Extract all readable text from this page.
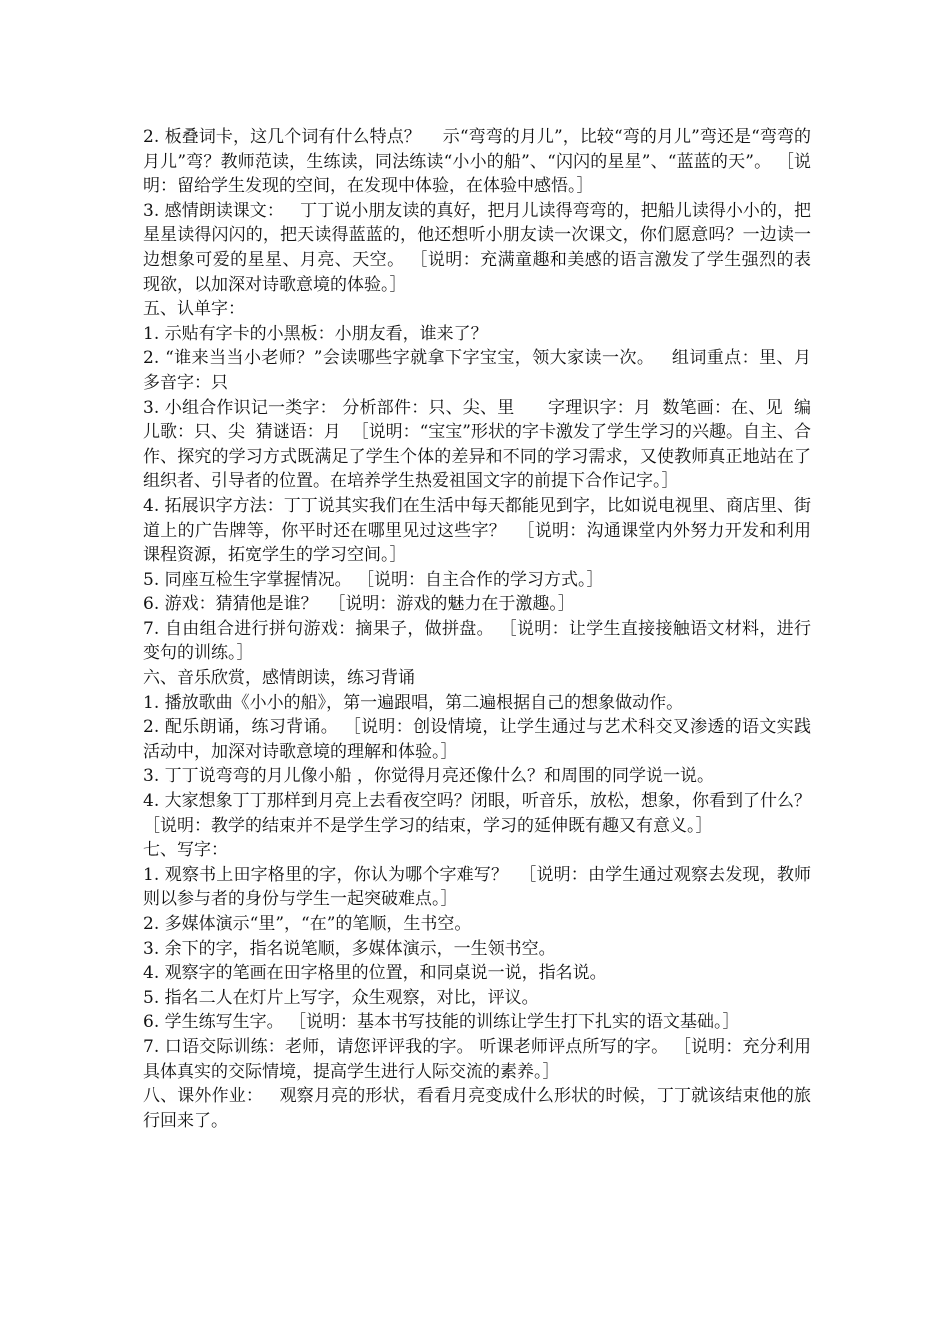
2. 板叠词卡，这几个词有什么特点？    示“弯弯的月儿”，比较“弯的月儿”弯还是“弯弯的月儿”弯？教师范读，生练读，同法练读“小小的船”、“闪闪的星星”、“蓝蓝的天”。 ［说明：留给学生发现的空间，在发现中体验，在体验中感悟。］

3. 感情朗读课文：   丁丁说小朋友读的真好，把月儿读得弯弯的，把船儿读得小小的，把星星读得闪闪的，把天读得蓝蓝的，他还想听小朋友读一次课文，你们愿意吗？一边读一边想象可爱的星星、月亮、天空。 ［说明：充满童趣和美感的语言激发了学生强烈的表现欲，以加深对诗歌意境的体验。］

五、认单字：

1. 示贴有字卡的小黑板：小朋友看，谁来了？

2. “谁来当当小老师？”会读哪些字就拿下字宝宝，领大家读一次。   组词重点：里、月  多音字：只

3. 小组合作识记一类字： 分析部件：只、尖、里      字理识字：月  数笔画：在、见  编儿歌：只、尖  猜谜语：月  ［说明：“宝宝”形状的字卡激发了学生学习的兴趣。自主、合作、探究的学习方式既满足了学生个体的差异和不同的学习需求，又使教师真正地站在了组织者、引导者的位置。在培养学生热爱祖国文字的前提下合作记字。］

4. 拓展识字方法：丁丁说其实我们在生活中每天都能见到字，比如说电视里、商店里、街道上的广告牌等，你平时还在哪里见过这些字？  ［说明：沟通课堂内外努力开发和利用课程资源，拓宽学生的学习空间。］

5. 同座互检生字掌握情况。 ［说明：自主合作的学习方式。］

6. 游戏：猜猜他是谁？  ［说明：游戏的魅力在于激趣。］

7. 自由组合进行拼句游戏：摘果子，做拼盘。 ［说明：让学生直接接触语文材料，进行变句的训练。］

六、音乐欣赏，感情朗读，练习背诵

1. 播放歌曲《小小的船》，第一遍跟唱，第二遍根据自己的想象做动作。

2. 配乐朗诵，练习背诵。 ［说明：创设情境，让学生通过与艺术科交叉渗透的语文实践活动中，加深对诗歌意境的理解和体验。］

3. 丁丁说弯弯的月儿像小船 ，你觉得月亮还像什么？和周围的同学说一说。

4. 大家想象丁丁那样到月亮上去看夜空吗？闭眼，听音乐，放松，想象，你看到了什么？  ［说明：教学的结束并不是学生学习的结束，学习的延伸既有趣又有意义。］

七、写字：

1. 观察书上田字格里的字，你认为哪个字难写？  ［说明：由学生通过观察去发现，教师则以参与者的身份与学生一起突破难点。］

2. 多媒体演示“里”，“在”的笔顺，生书空。

3. 余下的字，指名说笔顺，多媒体演示，一生领书空。

4. 观察字的笔画在田字格里的位置，和同桌说一说，指名说。

5. 指名二人在灯片上写字，众生观察，对比，评议。

6. 学生练写生字。 ［说明：基本书写技能的训练让学生打下扎实的语文基础。］

7. 口语交际训练：老师，请您评评我的字。 听课老师评点所写的字。 ［说明：充分利用具体真实的交际情境，提高学生进行人际交流的素养。］

八、课外作业：   观察月亮的形状，看看月亮变成什么形状的时候，丁丁就该结束他的旅行回来了。
